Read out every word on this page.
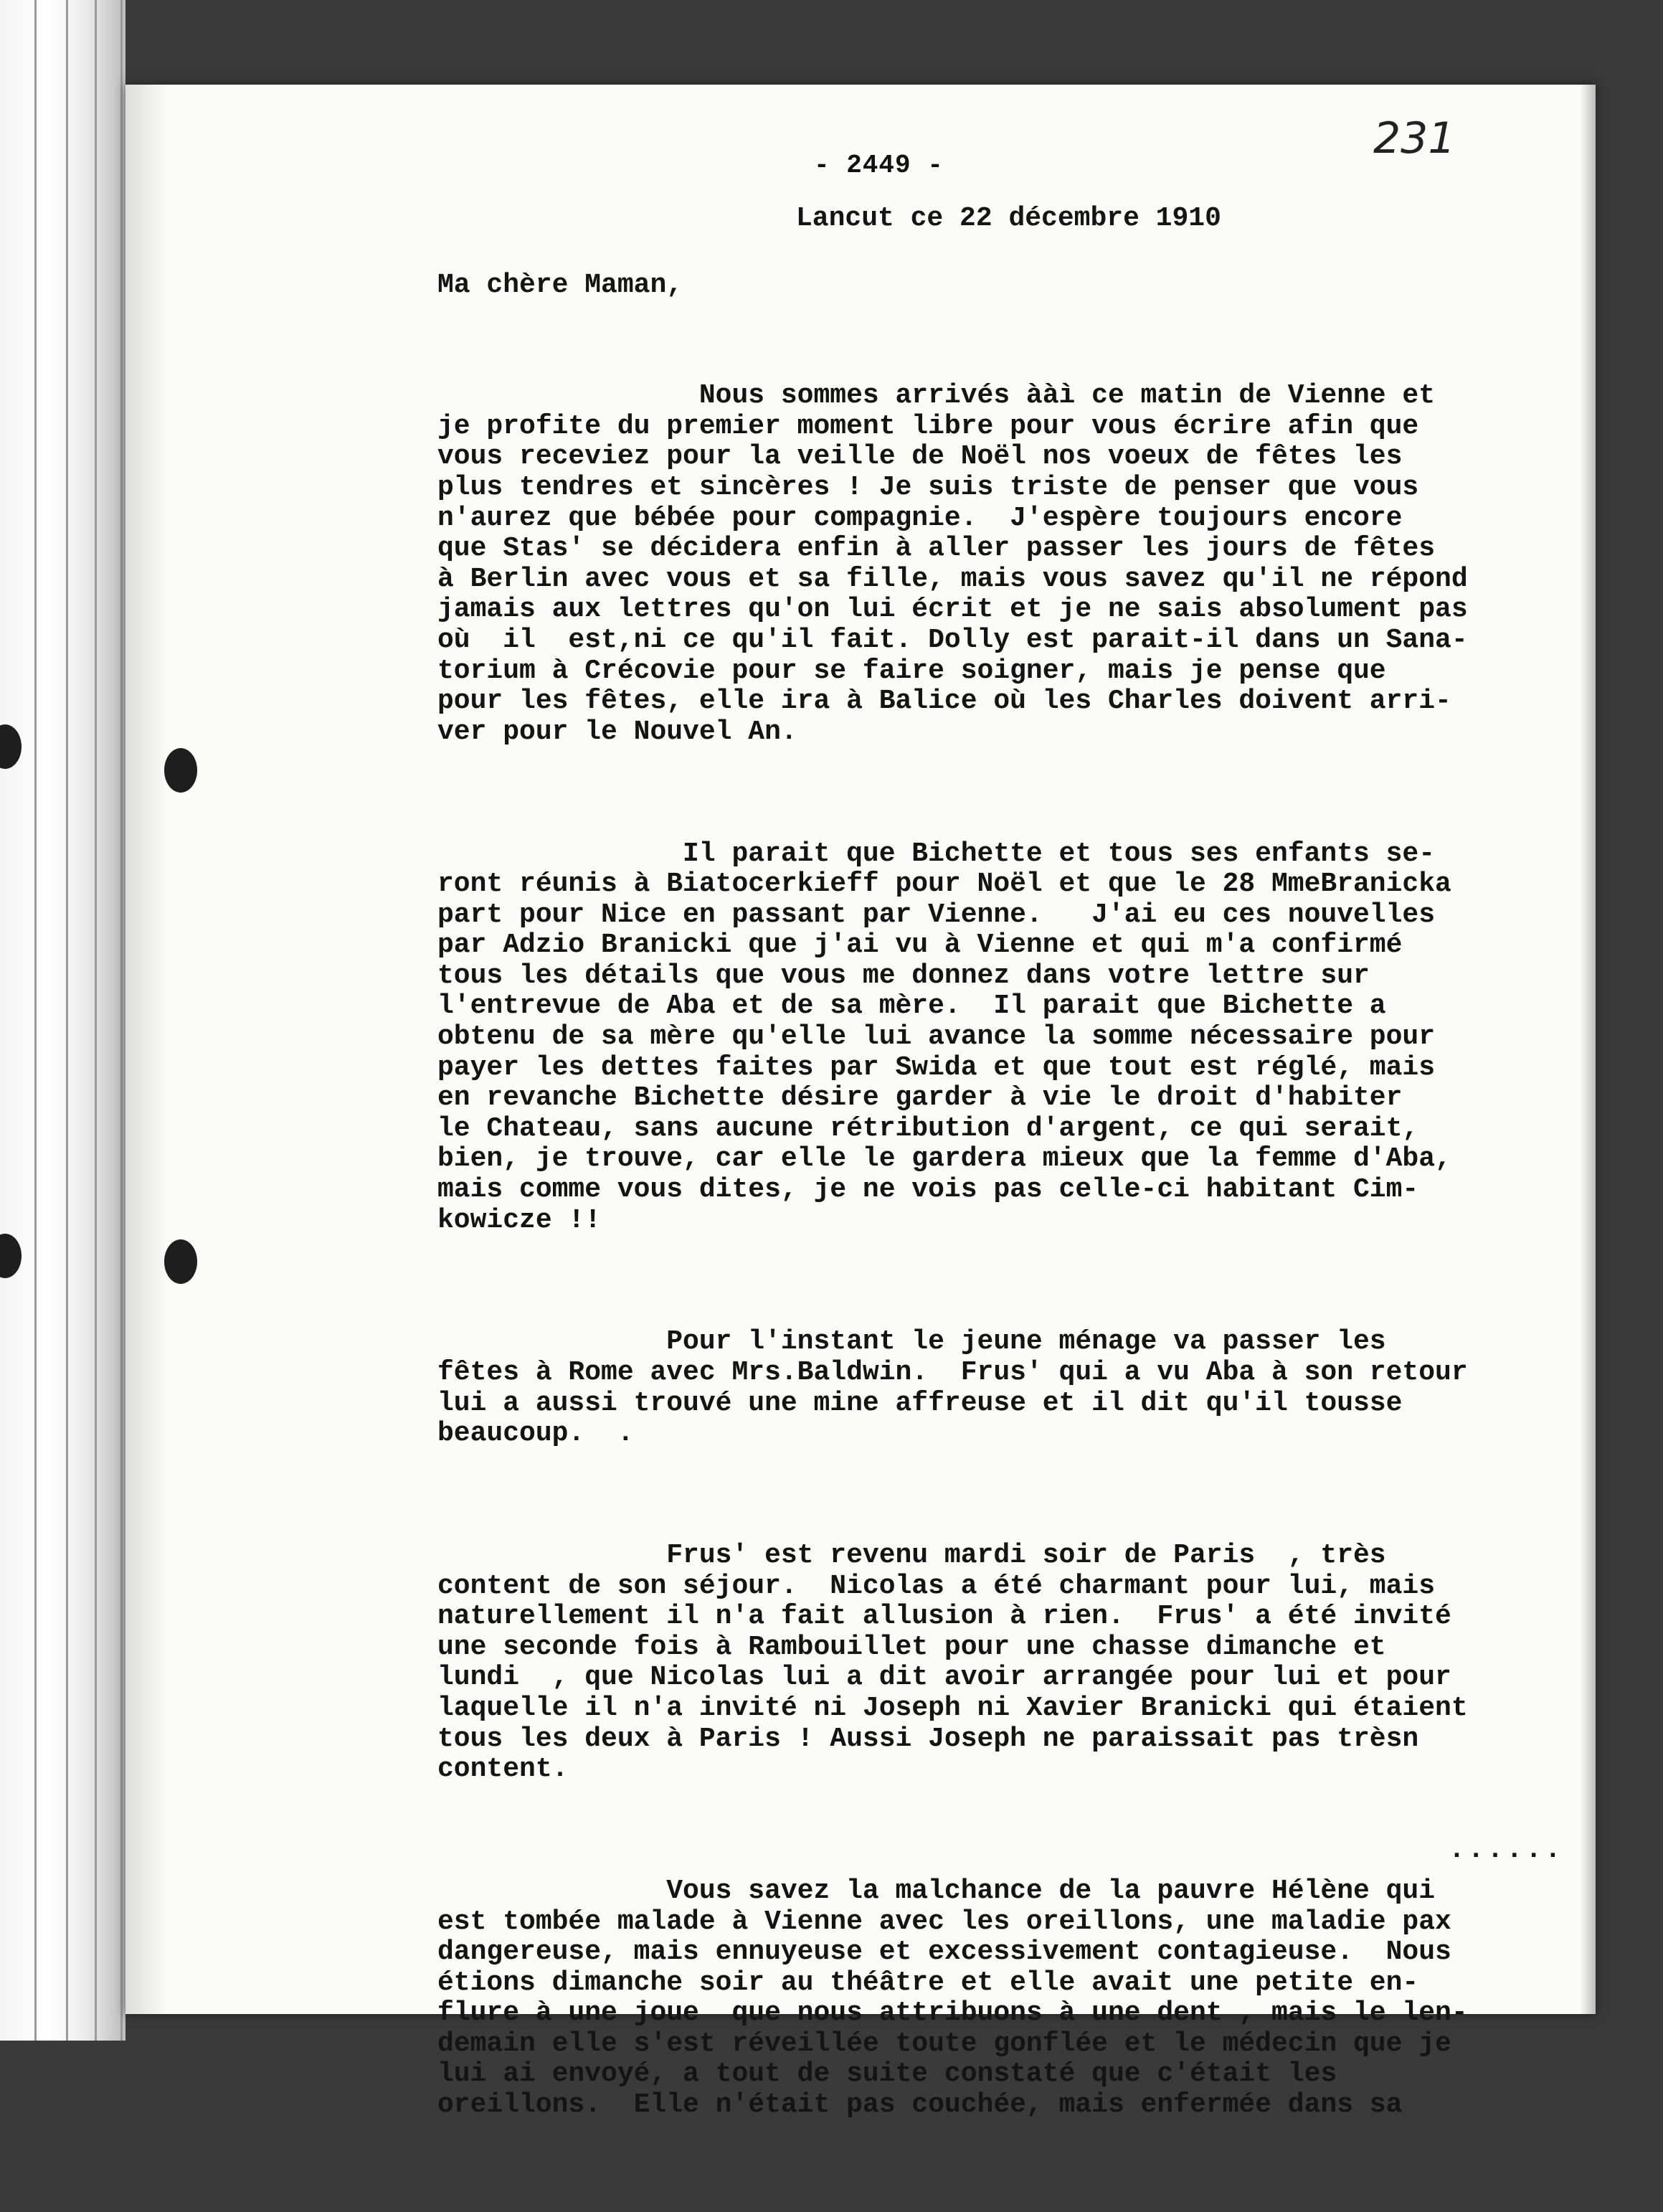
- 2449 -
231
Lancut ce 22 décembre 1910
Ma chère Maman,

Nous sommes arrivés ààì ce matin de Vienne et
je profite du premier moment libre pour vous écrire afin que
vous receviez pour la veille de Noël nos voeux de fêtes les
plus tendres et sincères ! Je suis triste de penser que vous
n'aurez que bébée pour compagnie.  J'espère toujours encore
que Stas' se décidera enfin à aller passer les jours de fêtes
à Berlin avec vous et sa fille, mais vous savez qu'il ne répond
jamais aux lettres qu'on lui écrit et je ne sais absolument pas
où  il  est,ni ce qu'il fait. Dolly est parait-il dans un Sana-
torium à Crécovie pour se faire soigner, mais je pense que
pour les fêtes, elle ira à Balice où les Charles doivent arri-
ver pour le Nouvel An.

Il parait que Bichette et tous ses enfants se-
ront réunis à Biatocerkieff pour Noël et que le 28 MmeBranicka
part pour Nice en passant par Vienne.   J'ai eu ces nouvelles
par Adzio Branicki que j'ai vu à Vienne et qui m'a confirmé
tous les détails que vous me donnez dans votre lettre sur
l'entrevue de Aba et de sa mère.  Il parait que Bichette a
obtenu de sa mère qu'elle lui avance la somme nécessaire pour
payer les dettes faites par Swida et que tout est réglé, mais
en revanche Bichette désire garder à vie le droit d'habiter
le Chateau, sans aucune rétribution d'argent, ce qui serait,
bien, je trouve, car elle le gardera mieux que la femme d'Aba,
mais comme vous dites, je ne vois pas celle-ci habitant Cim-
kowicze !!

Pour l'instant le jeune ménage va passer les
fêtes à Rome avec Mrs.Baldwin.  Frus' qui a vu Aba à son retour
lui a aussi trouvé une mine affreuse et il dit qu'il tousse
beaucoup.  .

Frus' est revenu mardi soir de Paris  , très
content de son séjour.  Nicolas a été charmant pour lui, mais
naturellement il n'a fait allusion à rien.  Frus' a été invité
une seconde fois à Rambouillet pour une chasse dimanche et
lundi  , que Nicolas lui a dit avoir arrangée pour lui et pour
laquelle il n'a invité ni Joseph ni Xavier Branicki qui étaient
tous les deux à Paris ! Aussi Joseph ne paraissait pas trèsn
content.

Vous savez la malchance de la pauvre Hélène qui
est tombée malade à Vienne avec les oreillons, une maladie pax
dangereuse, mais ennuyeuse et excessivement contagieuse.  Nous
étions dimanche soir au théâtre et elle avait une petite en-
flure à une joue  que nous attribuons à une dent , mais le len-
demain elle s'est réveillée toute gonflée et le médecin que je
lui ai envoyé, a tout de suite constaté que c'était les
oreillons.  Elle n'était pas couchée, mais enfermée dans sa

......
